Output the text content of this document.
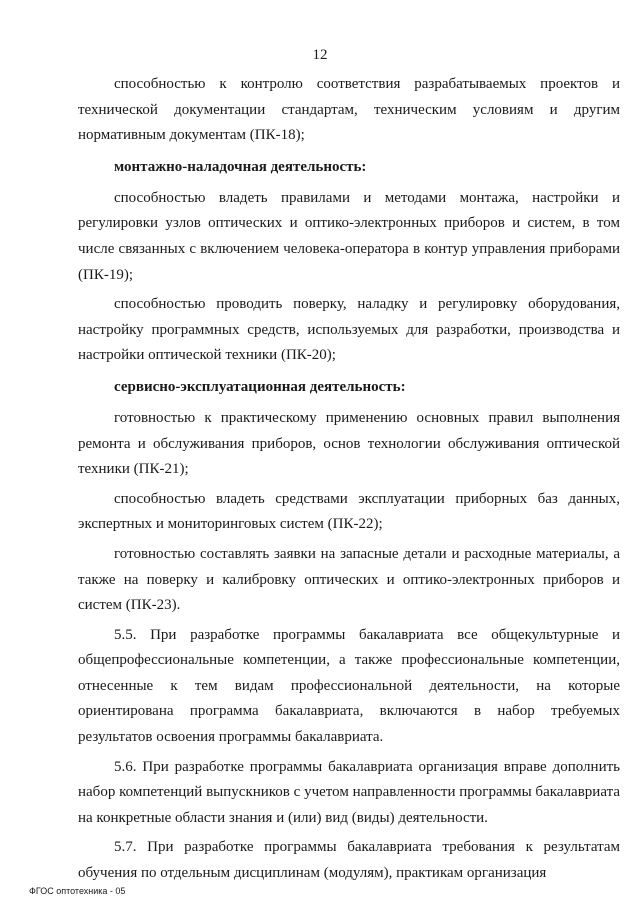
12

способностью к контролю соответствия разрабатываемых проектов и технической документации стандартам, техническим условиям и другим нормативным документам (ПК-18);

монтажно-наладочная деятельность:

способностью владеть правилами и методами монтажа, настройки и регулировки узлов оптических и оптико-электронных приборов и систем, в том числе связанных с включением человека-оператора в контур управления приборами (ПК-19);

способностью проводить поверку, наладку и регулировку оборудования, настройку программных средств, используемых для разработки, производства и настройки оптической техники (ПК-20);

сервисно-эксплуатационная деятельность:

готовностью к практическому применению основных правил выполнения ремонта и обслуживания приборов, основ технологии обслуживания оптической техники (ПК-21);

способностью владеть средствами эксплуатации приборных баз данных, экспертных и мониторинговых систем (ПК-22);

готовностью составлять заявки на запасные детали и расходные материалы, а также на поверку и калибровку оптических и оптико-электронных приборов и систем (ПК-23).

5.5. При разработке программы бакалавриата все общекультурные и общепрофессиональные компетенции, а также профессиональные компетенции, отнесенные к тем видам профессиональной деятельности, на которые ориентирована программа бакалавриата, включаются в набор требуемых результатов освоения программы бакалавриата.

5.6. При разработке программы бакалавриата организация вправе дополнить набор компетенций выпускников с учетом направленности программы бакалавриата на конкретные области знания и (или) вид (виды) деятельности.

5.7. При разработке программы бакалавриата требования к результатам обучения по отдельным дисциплинам (модулям), практикам организация

ФГОС оптотехника - 05
